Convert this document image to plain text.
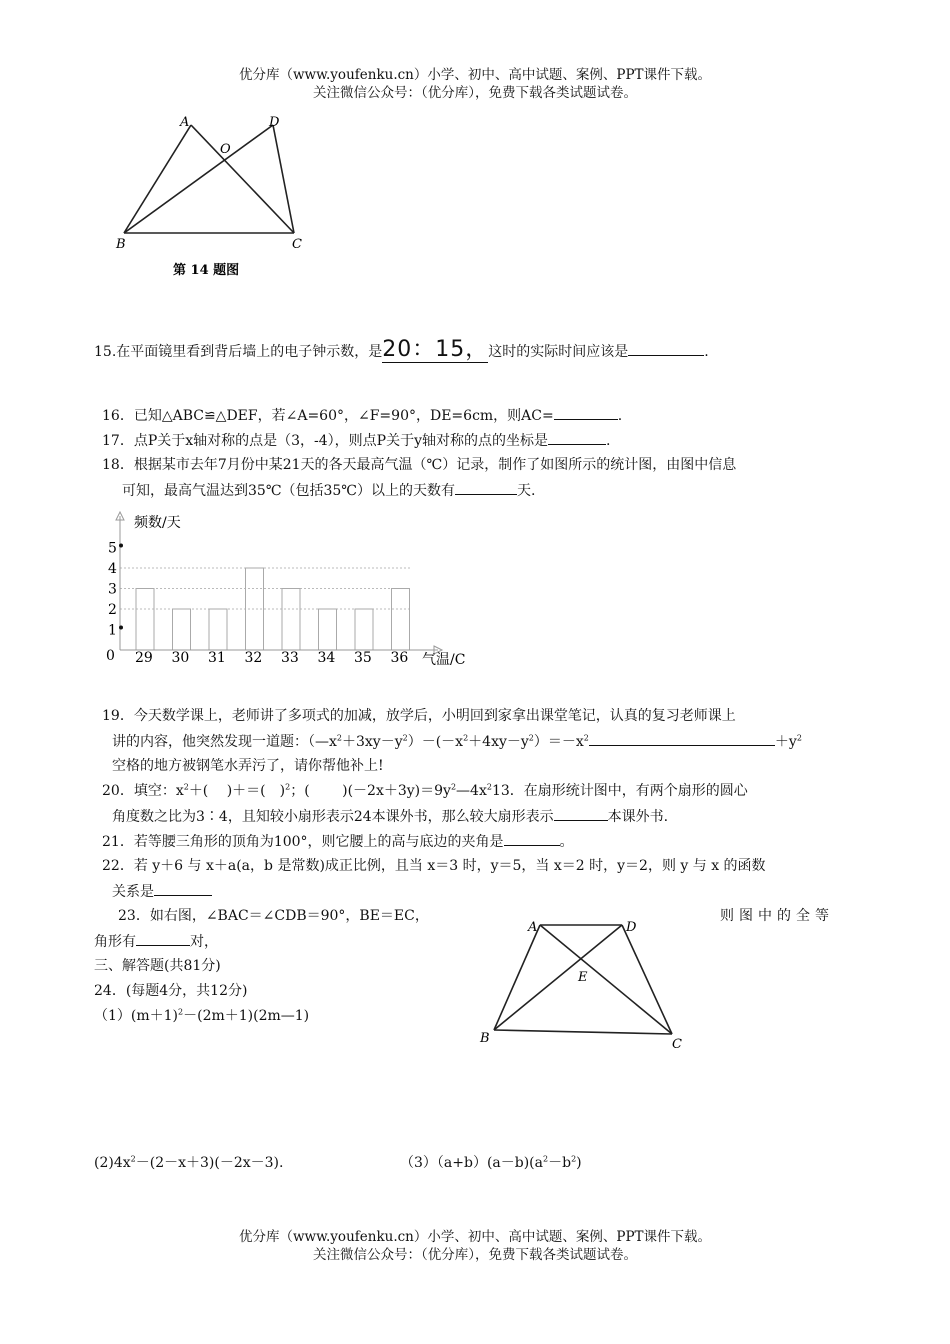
优分库（www.youfenku.cn）小学、初中、高中试题、案例、PPT课件下载。
关注微信公众号：（优分库），免费下载各类试题试卷。
A	D
O
B	C
第 14 题图
15.在平面镜里看到背后墙上的电子钟示数，是20：15，这时的实际时间应该是	.
16．已知△ABC≌△DEF，若∠A=60°，∠F=90°，DE=6cm，则AC=	.
17．点P关于x轴对称的点是（3，-4），则点P关于y轴对称的点的坐标是	.
18．根据某市去年7月份中某21天的各天最高气温（℃）记录，制作了如图所示的统计图，由图中信息
可知，最高气温达到35℃（包括35℃）以上的天数有	天.
1
2
3
4
5
29 30 31 32 33 34 35 36
频数/天
气温/C
0
19．今天数学课上，老师讲了多项式的加减，放学后，小明回到家拿出课堂笔记，认真的复习老师课上
讲的内容，他突然发现一道题：$(—x^2+3xy-y^2)-(-x^2+4xy-y^2)=-x^2$	$+y^2$
空格的地方被钢笔水弄污了，请你帮他补上!
20．填空：$x^2+$(　 )＋＝(　)$^2$；(　　 )$(-2x+3y)=9y^2—4x^213$．在扇形统计图中，有两个扇形的圆心
角度数之比为3∶4，且知较小扇形表示24本课外书，那么较大扇形表示	本课外书.
21．若等腰三角形的顶角为100°，则它腰上的高与底边的夹角是	。
22．若 y＋6 与 x＋a(a，b 是常数)成正比例，且当 x＝3 时，y＝5，当 x＝2 时，y＝2，则 y 与 x 的函数
关系是
23．如右图，∠BAC＝∠CDB＝90°，BE＝EC，	则图中的全等
角形有	对，
A	D
E
B	C
三、解答题(共81分)
24．(每题4分，共12分)
$(1)(m+1)^2-(2m+1)(2m—1)$
$(2)4x^2-(2-x+3)(-2x-3)$.	$(3)(a+b)(a-b)(a^2-b^2)$
优分库（www.youfenku.cn）小学、初中、高中试题、案例、PPT课件下载。
关注微信公众号：（优分库），免费下载各类试题试卷。
